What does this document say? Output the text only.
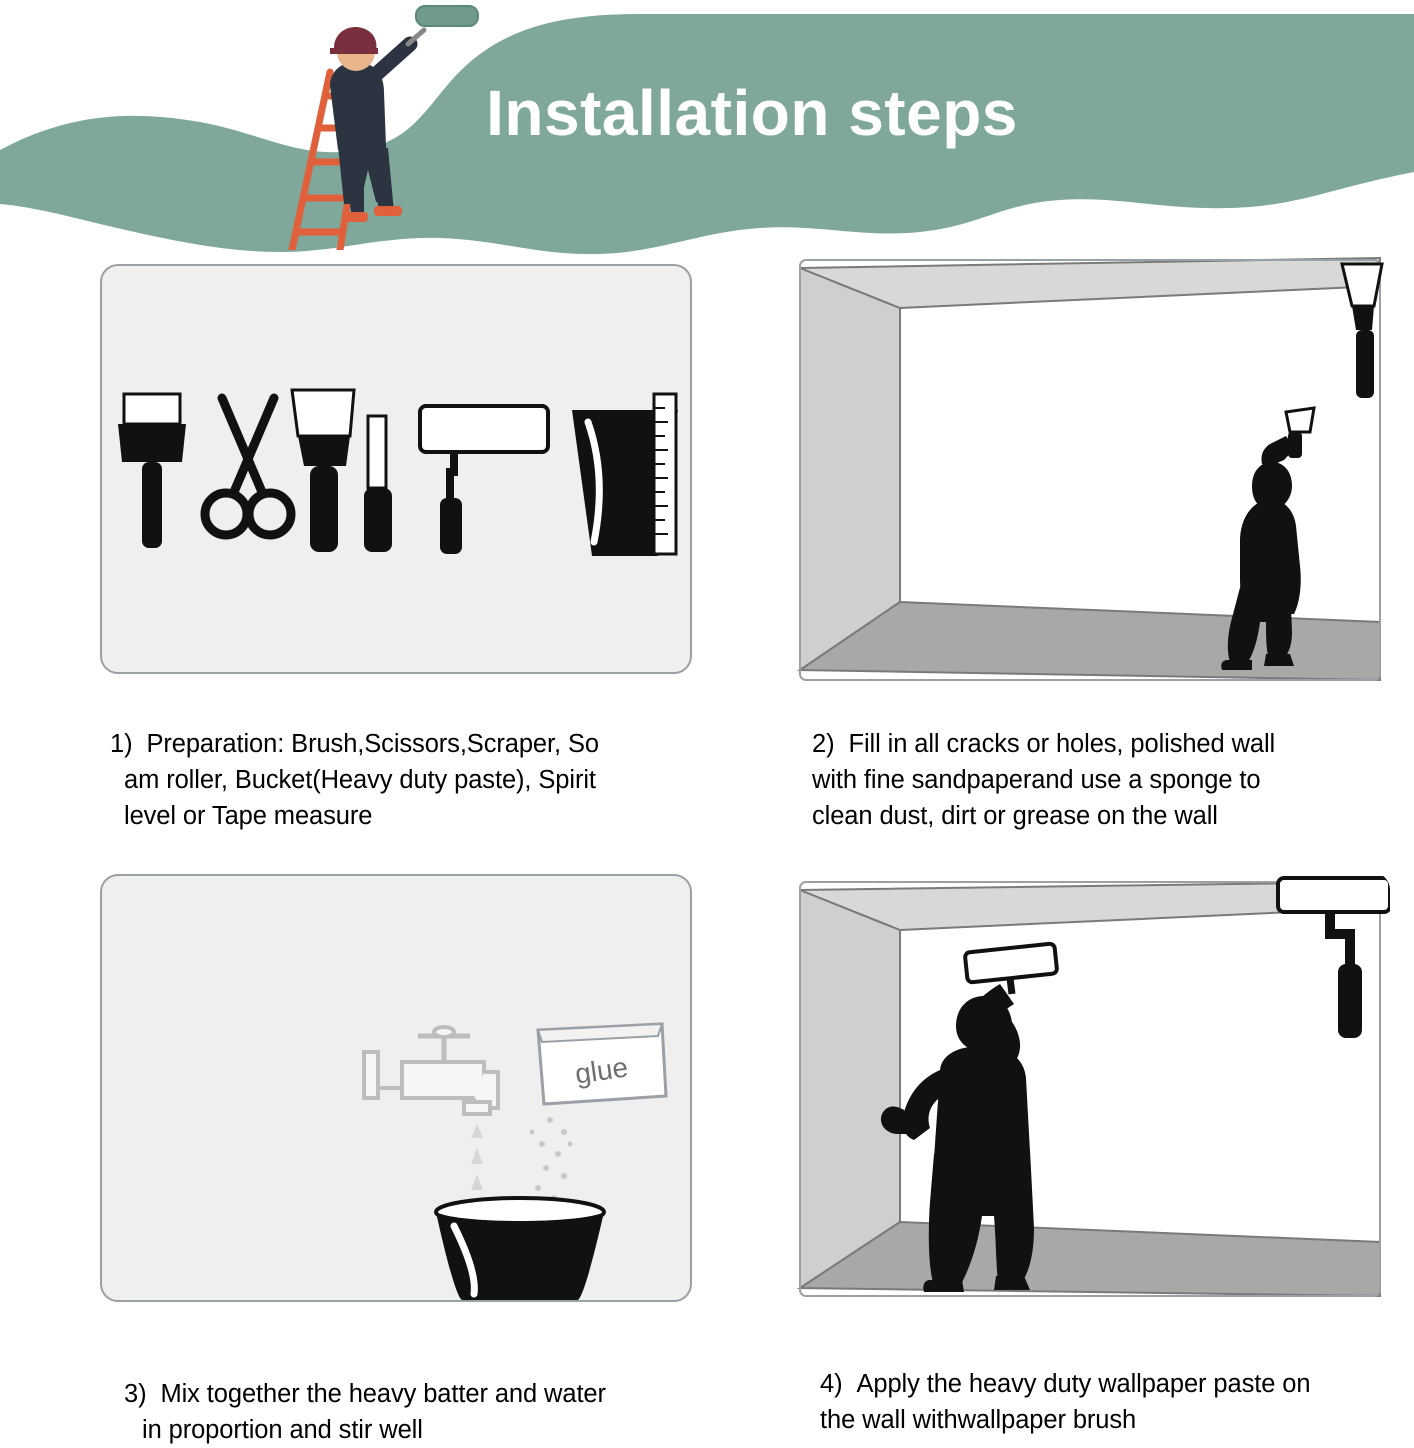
Installation steps
1) Preparation: Brush,Scissors,Scraper, So
am roller, Bucket(Heavy duty paste), Spirit
level or Tape measure
2) Fill in all cracks or holes, polished wall
with fine sandpaperand use a sponge to
clean dust, dirt or grease on the wall
glue
3) Mix together the heavy batter and water
in proportion and stir well
4) Apply the heavy duty wallpaper paste on
the wall withwallpaper brush
